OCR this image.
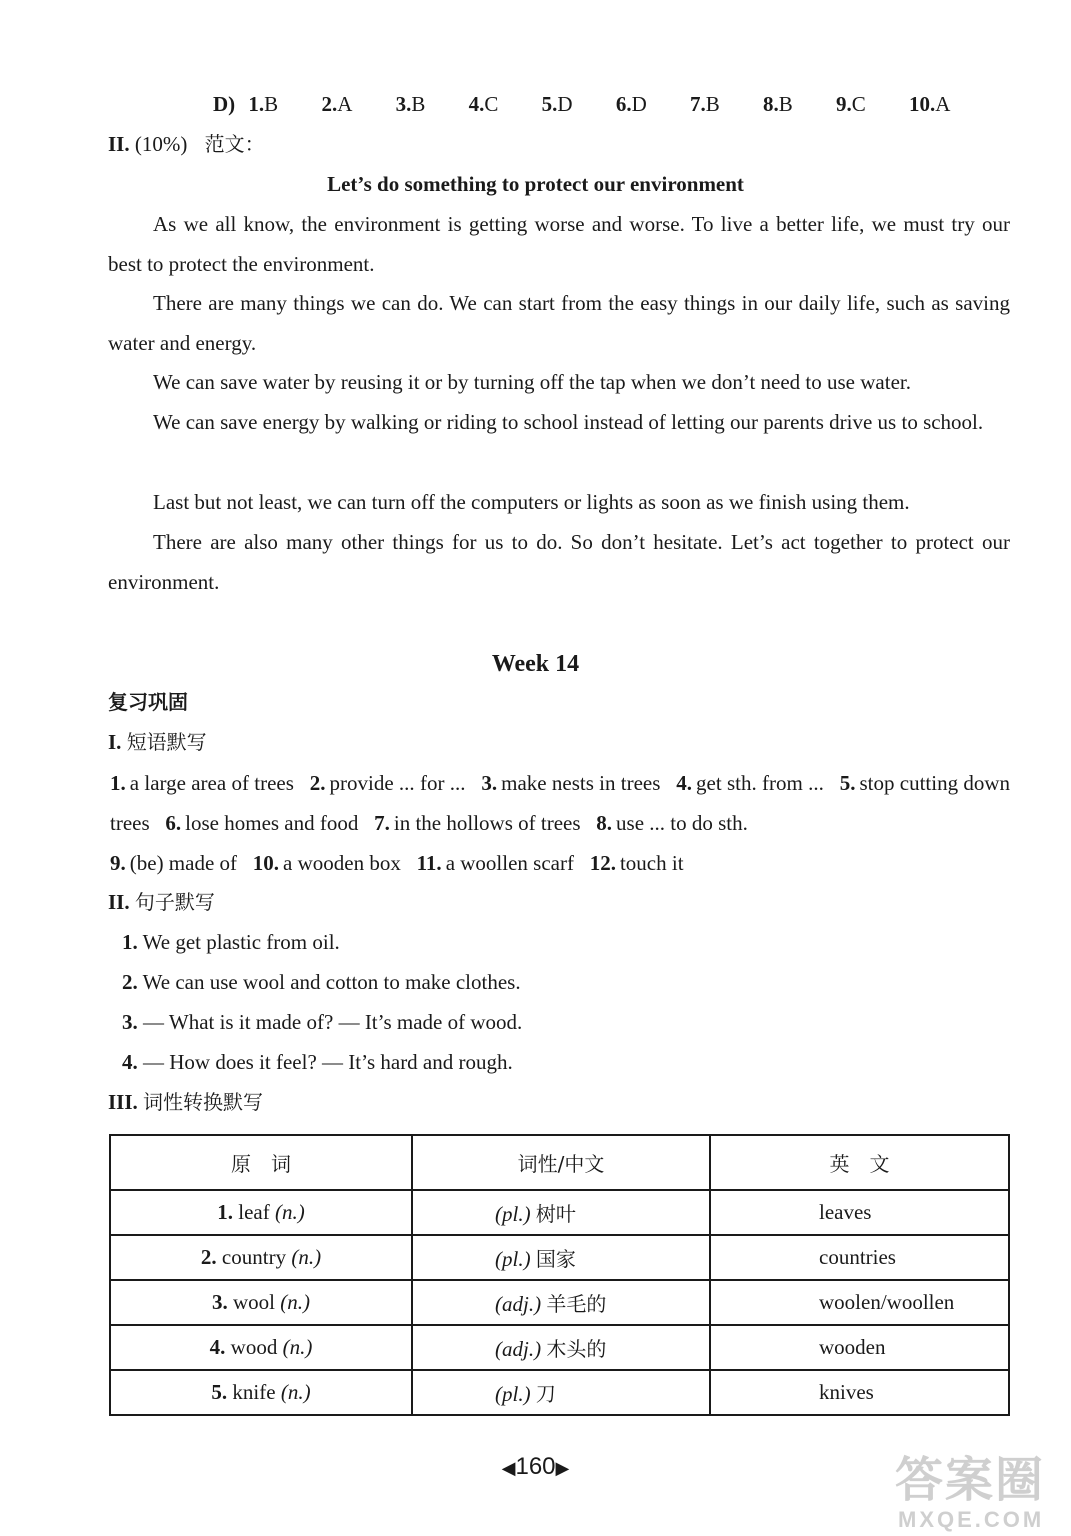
D) 1.B 2.A 3.B 4.C 5.D 6.D 7.B 8.B 9.C 10.A
II. (10%) 范文：
Let’s do something to protect our environment
As we all know, the environment is getting worse and worse. To live a better life, we must try our best to protect the environment.
There are many things we can do. We can start from the easy things in our daily life, such as saving water and energy.
We can save water by reusing it or by turning off the tap when we don’t need to use water.
We can save energy by walking or riding to school instead of letting our parents drive us to school.
Last but not least, we can turn off the computers or lights as soon as we finish using them.
There are also many other things for us to do. So don’t hesitate. Let’s act together to protect our environment.
Week 14
复习巩固
I. 短语默写
1. a large area of trees 2. provide ... for ... 3. make nests in trees 4. get sth. from ... 5. stop cutting down trees 6. lose homes and food 7. in the hollows of trees 8. use ... to do sth.
9. (be) made of 10. a wooden box 11. a woollen scarf 12. touch it
II. 句子默写
1. We get plastic from oil.
2. We can use wool and cotton to make clothes.
3. — What is it made of? — It’s made of wood.
4. — How does it feel? — It’s hard and rough.
III. 词性转换默写
原　词	词性/中文	英　文
1. leaf (n.)	(pl.) 树叶	leaves
2. country (n.)	(pl.) 国家	countries
3. wool (n.)	(adj.) 羊毛的	woolen/woollen
4. wood (n.)	(adj.) 木头的	wooden
5. knife (n.)	(pl.) 刀	knives
◀160▶	答案圈
MXQE.COM
